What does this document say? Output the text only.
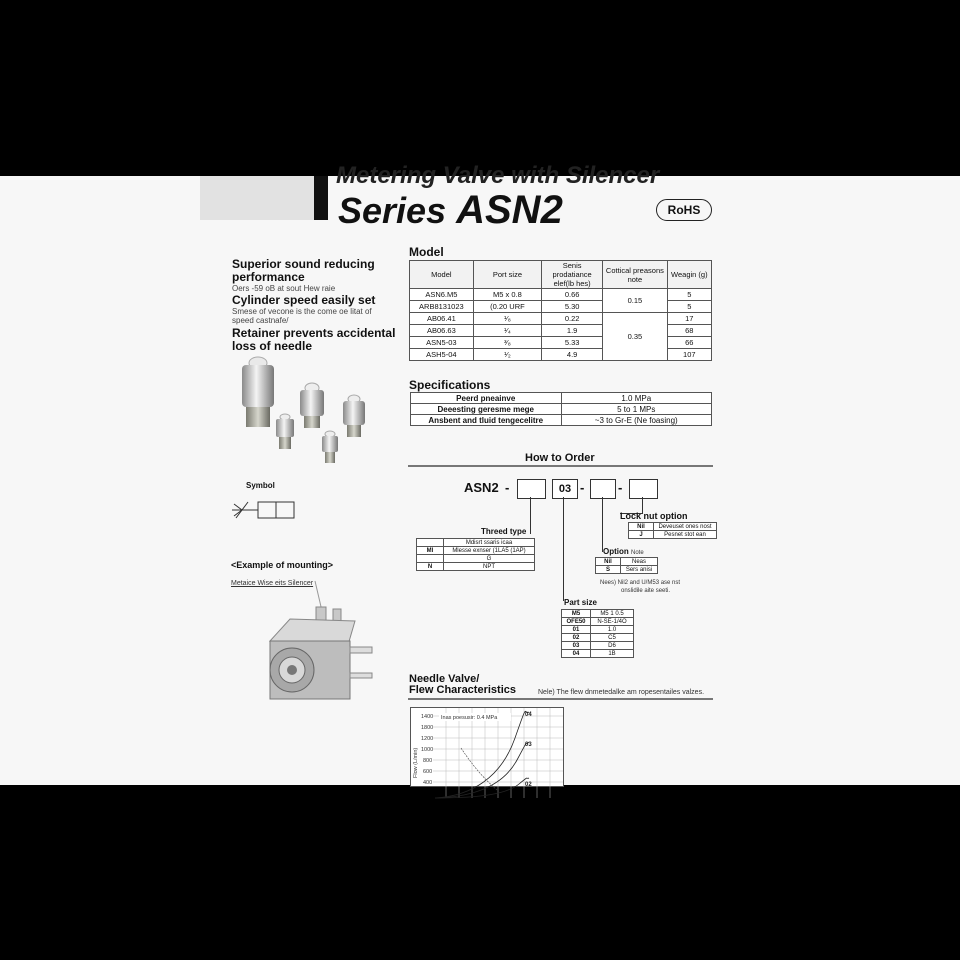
Metering Valve with Silencer
Series ASN2	RoHS
Superior sound reducing
performance
Oers -59 oB at sout Hew raie
Cylinder speed easily set
Smese of vecone is the come oe litat of
speed castnafe/
Retainer prevents accidental
loss of needle
Symbol
<Example of mounting>
Metaice Wise eits Silencer
Model
Model	Port size	Senis prodatiance elef(lb hes)	Cottical preasons note	Weagin (g)
ASN6.M5	M5 x 0.8	0.66	0.15	5
ARB8131023	(0.20 URF	5.30		5
AB06.41	¹⁄₈	0.22	0.35	17
AB06.63	¹⁄₄	1.9		68
ASN5-03	³⁄₈	5.33		66
ASH5-04	¹⁄₂	4.9		107
Specifications
Peerd pneainve	1.0 MPa
Deeesting geresme mege	5 to 1 MPs
Ansbent and tluid tengecelitre	~3 to Gr-E (Ne foasing)
How to Order
ASN2 -	03 -	-
Lock nut option
Nil	Deveuset ones nost
J	Pesnet stot ean
Threed type
	Mdisrt ssaris icaa
Ml	Mlesse exnser (1LA5 (1AP)
	G
N	NPT
Option Note
Nil	Neas
S	Sers anisi
Nees) Nil2 and U/M53 ase nst
onslidile aite seeti.
Part size
M5	M5 1 0.5
OFE50	N-SE-1/4O
01	1.0
02	C5
03	D6
04	1B
Needle Valve/
Flew Characteristics	Nele) The flew dnmetedalke am ropesentailes valzes.
1400
1800
1200
1000
800
600
400
Flow (L/min)
Inas poesusir: 0.4 MPa	04
03
02
